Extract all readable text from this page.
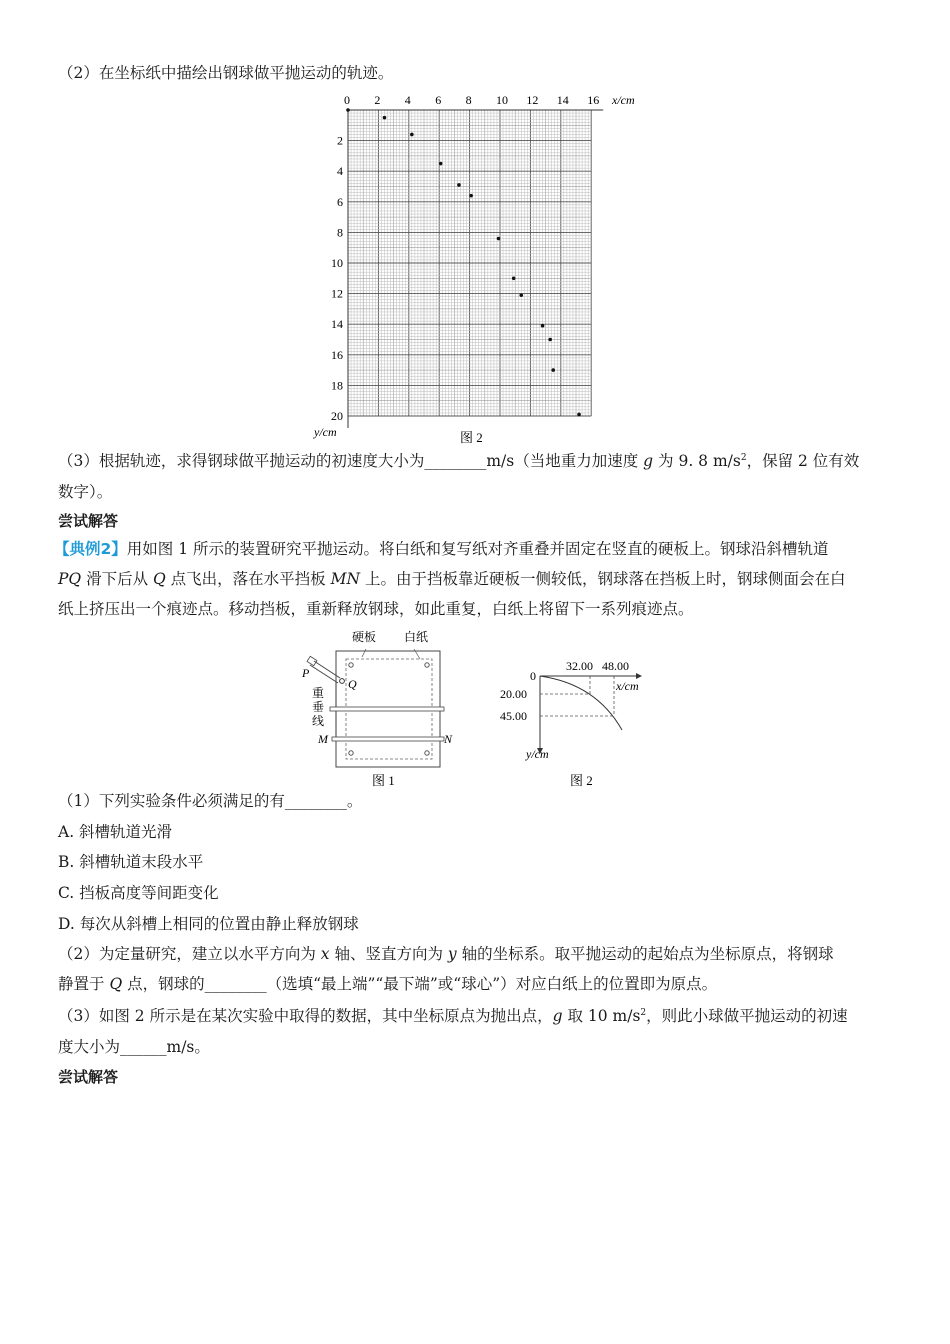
（2）在坐标纸中描绘出钢球做平抛运动的轨迹。
0 2 4 6 8 10 12 14 16
2
4
6
8
10
12
14
16
18
20
x/cm
y/cm	图 2
（3）根据轨迹，求得钢球做平抛运动的初速度大小为________m/s（当地重力加速度 g 为 9. 8 $m/s^2$，保留 2 位有效
数字）。
尝试解答
【典例2】用如图 1 所示的装置研究平抛运动。将白纸和复写纸对齐重叠并固定在竖直的硬板上。钢球沿斜槽轨道
PQ 滑下后从 Q 点飞出，落在水平挡板 MN 上。由于挡板靠近硬板一侧较低，钢球落在挡板上时，钢球侧面会在白
纸上挤压出一个痕迹点。移动挡板，重新释放钢球，如此重复，白纸上将留下一系列痕迹点。
硬板 白纸
P
Q
重
垂
线
M	N
图 1
0
32.00 48.00
x/cm
20.00
45.00
y/cm
图 2
（1）下列实验条件必须满足的有________。
A. 斜槽轨道光滑
B. 斜槽轨道末段水平
C. 挡板高度等间距变化
D. 每次从斜槽上相同的位置由静止释放钢球
（2）为定量研究，建立以水平方向为 x 轴、竖直方向为 y 轴的坐标系。取平抛运动的起始点为坐标原点，将钢球
静置于 Q 点，钢球的________（选填“最上端”“最下端”或“球心”）对应白纸上的位置即为原点。
（3）如图 2 所示是在某次实验中取得的数据，其中坐标原点为抛出点，g 取 10 $m/s^2$，则此小球做平抛运动的初速
度大小为______m/s。
尝试解答
